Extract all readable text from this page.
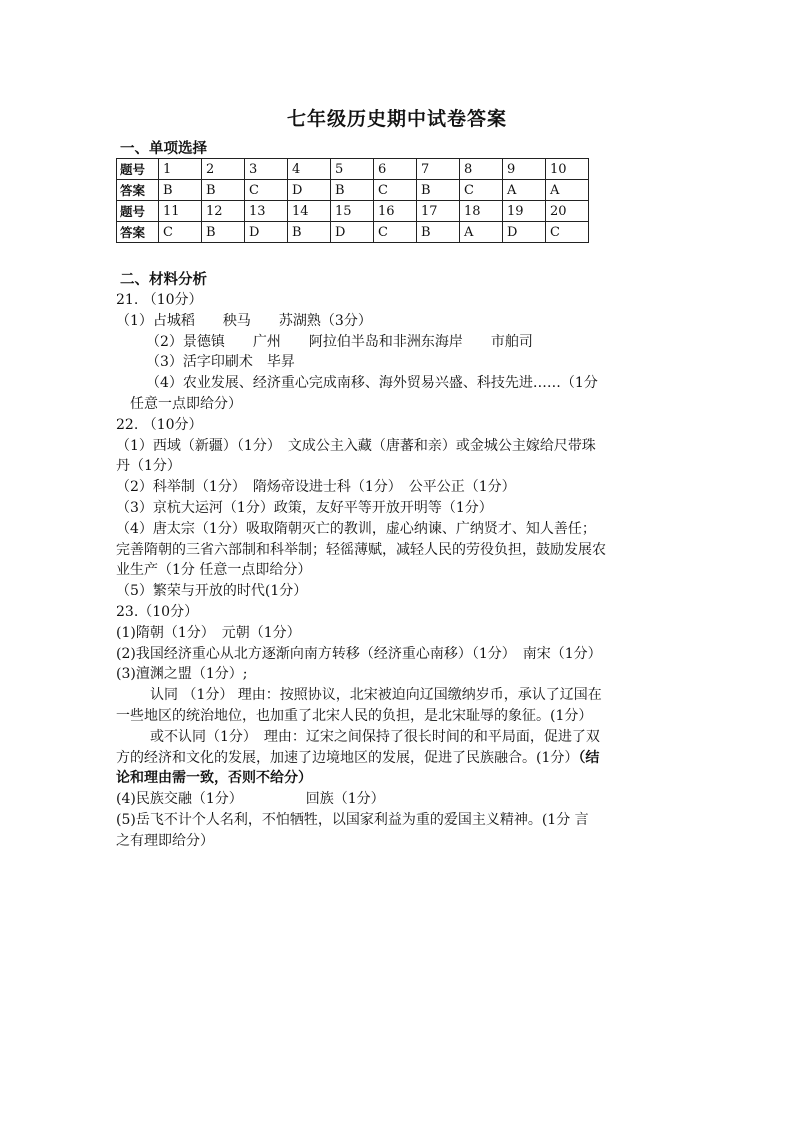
七年级历史期中试卷答案
一、单项选择
题号	1	2	3	4	5	6	7	8	9	10
答案	B	B	C	D	B	C	B	C	A	A
题号	11	12	13	14	15	16	17	18	19	20
答案	C	B	D	B	D	C	B	A	D	C
二、材料分析

21. （10分）

（1）占城稻　　秧马　　苏湖熟（3分）

（2）景德镇　　广州　　阿拉伯半岛和非洲东海岸　　市舶司

（3）活字印刷术　毕昇

（4）农业发展、经济重心完成南移、海外贸易兴盛、科技先进……（1分

任意一点即给分）

22. （10分）

（1）西域（新疆）（1分）　文成公主入藏（唐蕃和亲）或金城公主嫁给尺带珠

丹（1分）

（2）科举制（1分）　隋炀帝设进士科（1分）　公平公正（1分）

（3）京杭大运河（1分）政策，友好平等开放开明等（1分）

（4）唐太宗（1分）吸取隋朝灭亡的教训，虚心纳谏、广纳贤才、知人善任；

完善隋朝的三省六部制和科举制；轻徭薄赋，减轻人民的劳役负担，鼓励发展农

业生产（1分 任意一点即给分）

（5）繁荣与开放的时代(1分）

23.（10分）

(1)隋朝（1分）　元朝（1分）

(2)我国经济重心从北方逐渐向南方转移（经济重心南移）（1分）　南宋（1分）

(3)澶渊之盟（1分）;

认同 （1分） 理由：按照协议，北宋被迫向辽国缴纳岁币，承认了辽国在

一些地区的统治地位，也加重了北宋人民的负担，是北宋耻辱的象征。(1分）

或不认同（1分）　理由：辽宋之间保持了很长时间的和平局面，促进了双

方的经济和文化的发展，加速了边境地区的发展，促进了民族融合。(1分）（结

论和理由需一致，否则不给分）

(4)民族交融（1分）　　　　　回族（1分）

(5)岳飞不计个人名利，不怕牺牲，以国家利益为重的爱国主义精神。(1分 言

之有理即给分）
